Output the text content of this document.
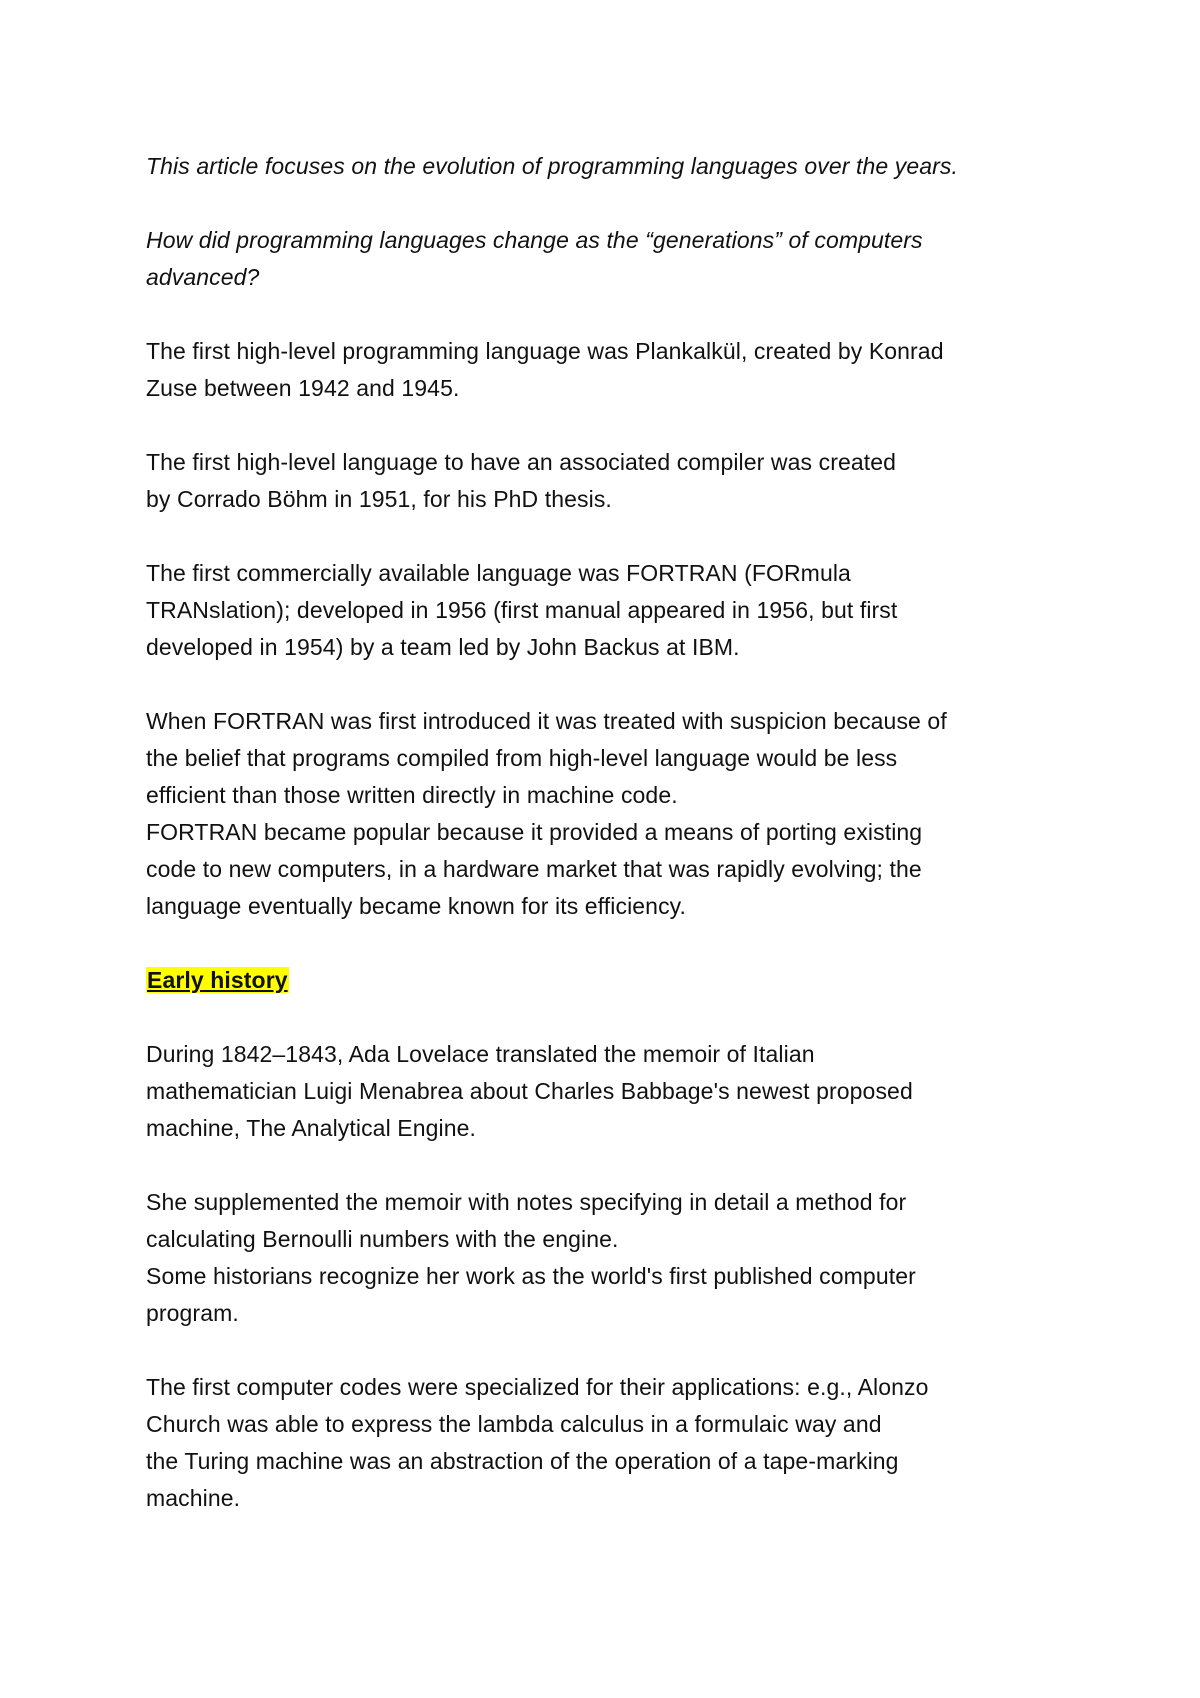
This article focuses on the evolution of programming languages over the years.

How did programming languages change as the “generations” of computers
advanced?

The first high-level programming language was Plankalkül, created by Konrad
Zuse between 1942 and 1945.

The first high-level language to have an associated compiler was created
by Corrado Böhm in 1951, for his PhD thesis.

The first commercially available language was FORTRAN (FORmula
TRANslation); developed in 1956 (first manual appeared in 1956, but first
developed in 1954) by a team led by John Backus at IBM.

When FORTRAN was first introduced it was treated with suspicion because of
the belief that programs compiled from high-level language would be less
efficient than those written directly in machine code.
FORTRAN became popular because it provided a means of porting existing
code to new computers, in a hardware market that was rapidly evolving; the
language eventually became known for its efficiency.

Early history

During 1842–1843, Ada Lovelace translated the memoir of Italian
mathematician Luigi Menabrea about Charles Babbage's newest proposed
machine, The Analytical Engine.

She supplemented the memoir with notes specifying in detail a method for
calculating Bernoulli numbers with the engine.
Some historians recognize her work as the world's first published computer
program.

The first computer codes were specialized for their applications: e.g., Alonzo
Church was able to express the lambda calculus in a formulaic way and
the Turing machine was an abstraction of the operation of a tape-marking
machine.
